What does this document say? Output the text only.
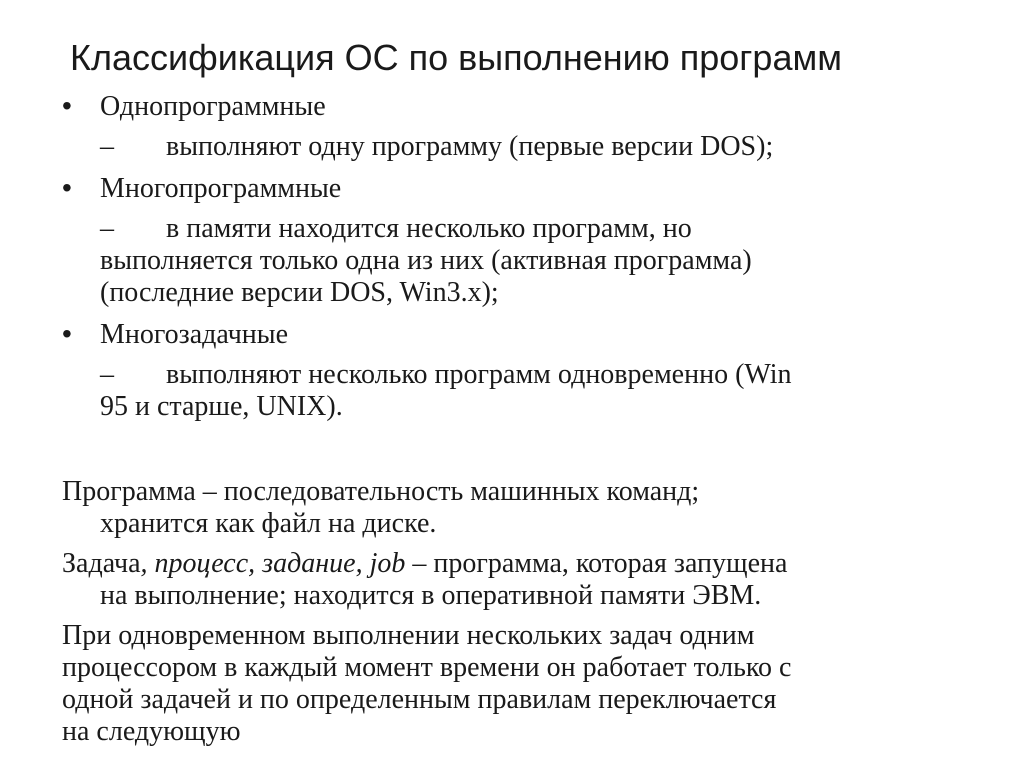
Классификация ОС по выполнению программ
• Однопрограммные
– выполняют одну программу (первые версии DOS);
• Многопрограммные
– в памяти находится несколько программ, но
выполняется только одна из них (активная программа)
(последние версии DOS, Win3.x);
• Многозадачные
– выполняют несколько программ одновременно (Win
95 и старше, UNIX).
Программа – последовательность машинных команд;
хранится как файл на диске.
Задача, процесс, задание, job – программа, которая запущена
на выполнение; находится в оперативной памяти ЭВМ.
При одновременном выполнении нескольких задач одним
процессором в каждый момент времени он работает только с
одной задачей и по определенным правилам переключается
на следующую
